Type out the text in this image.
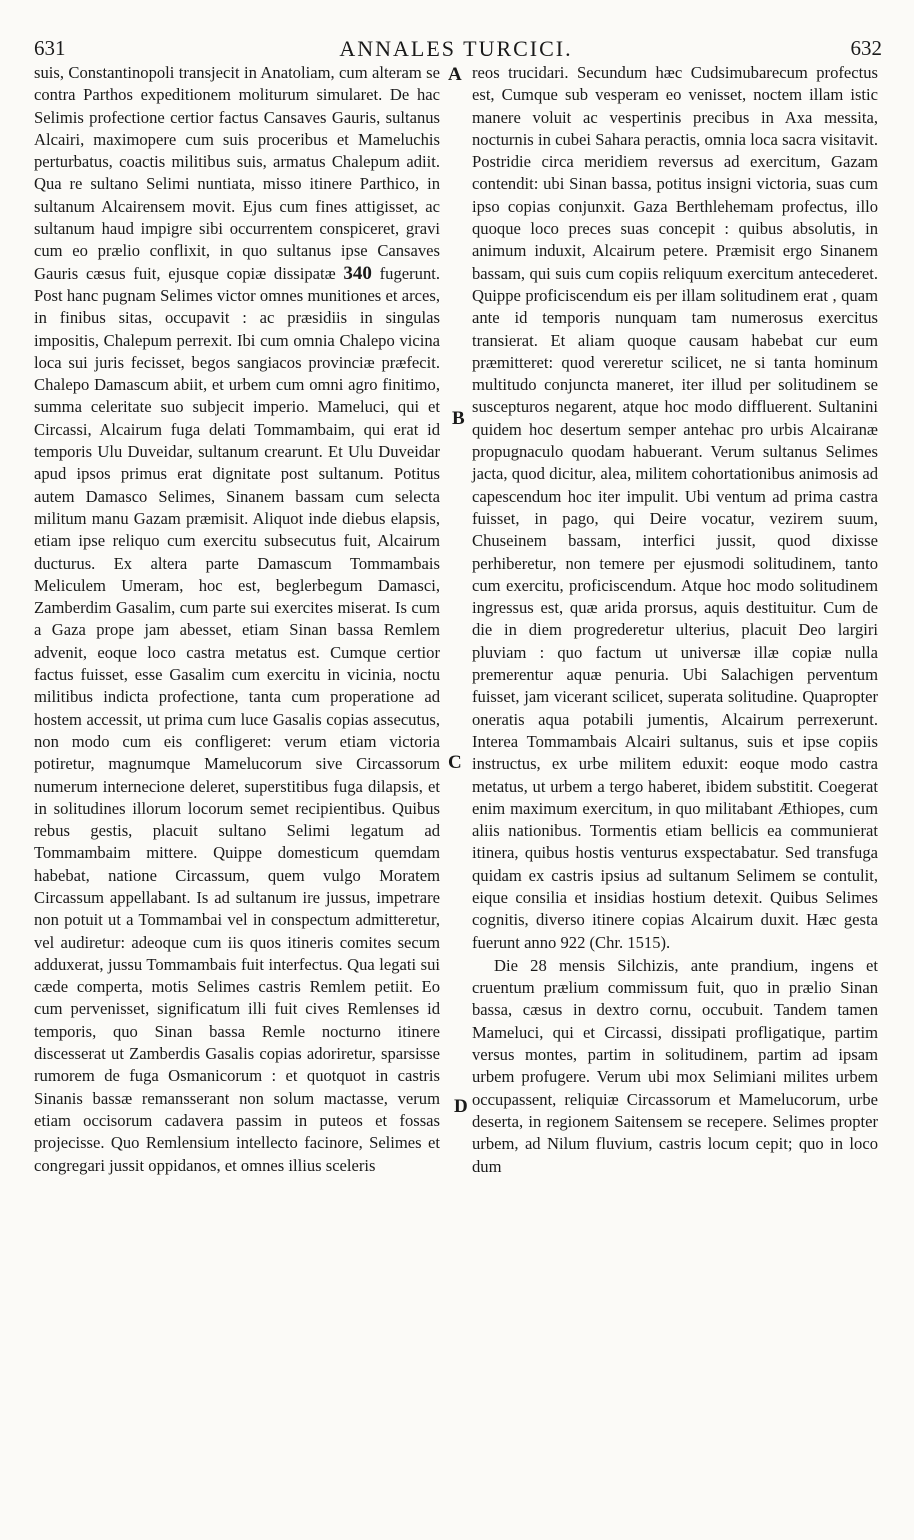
631	ANNALES TURCICI.	632

suis, Constantinopoli transjecit in Anatoliam, cum alteram se contra Parthos expeditionem moliturum simularet. De hac Selimis profectione certior factus Cansaves Gauris, sultanus Alcairi, maximopere cum suis proceribus et Mameluchis perturbatus, coactis militibus suis, armatus Chalepum adiit. Qua re sultano Selimi nuntiata, misso itinere Parthico, in sultanum Alcairensem movit. Ejus cum fines attigisset, ac sultanum haud impigre sibi occurrentem conspiceret, gravi cum eo prælio conflixit, in quo sultanus ipse Cansaves Gauris cæsus fuit, ejusque copiæ dissipatæ 340 fugerunt. Post hanc pugnam Selimes victor omnes munitiones et arces, in finibus sitas, occupavit : ac præsidiis in singulas impositis, Chalepum perrexit. Ibi cum omnia Chalepo vicina loca sui juris fecisset, begos sangiacos provinciæ præfecit. Chalepo Damascum abiit, et urbem cum omni agro finitimo, summa celeritate suo subjecit imperio. Mameluci, qui et Circassi, Alcairum fuga delati Tommambaim, qui erat id temporis Ulu Duveidar, sultanum crearunt. Et Ulu Duveidar apud ipsos primus erat dignitate post sultanum. Potitus autem Damasco Selimes, Sinanem bassam cum selecta militum manu Gazam præmisit. Aliquot inde diebus elapsis, etiam ipse reliquo cum exercitu subsecutus fuit, Alcairum ducturus. Ex altera parte Damascum Tommambais Meliculem Umeram, hoc est, beglerbegum Damasci, Zamberdim Gasalim, cum parte sui exercites miserat. Is cum a Gaza prope jam abesset, etiam Sinan bassa Remlem advenit, eoque loco castra metatus est. Cumque certior factus fuisset, esse Gasalim cum exercitu in vicinia, noctu militibus indicta profectione, tanta cum properatione ad hostem accessit, ut prima cum luce Gasalis copias assecutus, non modo cum eis confligeret: verum etiam victoria potiretur, magnumque Mamelucorum sive Circassorum numerum internecione deleret, superstitibus fuga dilapsis, et in solitudines illorum locorum semet recipientibus. Quibus rebus gestis, placuit sultano Selimi legatum ad Tommambaim mittere. Quippe domesticum quemdam habebat, natione Circassum, quem vulgo Moratem Circassum appellabant. Is ad sultanum ire jussus, impetrare non potuit ut a Tommambai vel in conspectum admitteretur, vel audiretur: adeoque cum iis quos itineris comites secum adduxerat, jussu Tommambais fuit interfectus. Qua legati sui cæde comperta, motis Selimes castris Remlem petiit. Eo cum pervenisset, significatum illi fuit cives Remlenses id temporis, quo Sinan bassa Remle nocturno itinere discesserat ut Zamberdis Gasalis copias adoriretur, sparsisse rumorem de fuga Osmanicorum : et quotquot in castris Sinanis bassæ remansserant non solum mactasse, verum etiam occisorum cadavera passim in puteos et fossas projecisse. Quo Remlensium intellecto facinore, Selimes et congregari jussit oppidanos, et omnes illius sceleris

A
B
C
D

reos trucidari. Secundum hæc Cudsimubarecum profectus est, Cumque sub vesperam eo venisset, noctem illam istic manere voluit ac vespertinis precibus in Axa messita, nocturnis in cubei Sahara peractis, omnia loca sacra visitavit. Postridie circa meridiem reversus ad exercitum, Gazam contendit: ubi Sinan bassa, potitus insigni victoria, suas cum ipso copias conjunxit. Gaza Berthlehemam profectus, illo quoque loco preces suas concepit : quibus absolutis, in animum induxit, Alcairum petere. Præmisit ergo Sinanem bassam, qui suis cum copiis reliquum exercitum antecederet. Quippe proficiscendum eis per illam solitudinem erat , quam ante id temporis nunquam tam numerosus exercitus transierat. Et aliam quoque causam habebat cur eum præmitteret: quod vereretur scilicet, ne si tanta hominum multitudo conjuncta maneret, iter illud per solitudinem se suscepturos negarent, atque hoc modo diffluerent. Sultanini quidem hoc desertum semper antehac pro urbis Alcairanæ propugnaculo quodam habuerant. Verum sultanus Selimes jacta, quod dicitur, alea, militem cohortationibus animosis ad capescendum hoc iter impulit. Ubi ventum ad prima castra fuisset, in pago, qui Deire vocatur, vezirem suum, Chuseinem bassam, interfici jussit, quod dixisse perhiberetur, non temere per ejusmodi solitudinem, tanto cum exercitu, proficiscendum. Atque hoc modo solitudinem ingressus est, quæ arida prorsus, aquis destituitur. Cum de die in diem progrederetur ulterius, placuit Deo largiri pluviam : quo factum ut universæ illæ copiæ nulla premerentur aquæ penuria. Ubi Salachigen perventum fuisset, jam vicerant scilicet, superata solitudine. Quapropter oneratis aqua potabili jumentis, Alcairum perrexerunt. Interea Tommambais Alcairi sultanus, suis et ipse copiis instructus, ex urbe militem eduxit: eoque modo castra metatus, ut urbem a tergo haberet, ibidem substitit. Coegerat enim maximum exercitum, in quo militabant Æthiopes, cum aliis nationibus. Tormentis etiam bellicis ea communierat itinera, quibus hostis venturus exspectabatur. Sed transfuga quidam ex castris ipsius ad sultanum Selimem se contulit, eique consilia et insidias hostium detexit. Quibus Selimes cognitis, diverso itinere copias Alcairum duxit. Hæc gesta fuerunt anno 922 (Chr. 1515).

Die 28 mensis Silchizis, ante prandium, ingens et cruentum prælium commissum fuit, quo in prælio Sinan bassa, cæsus in dextro cornu, occubuit. Tandem tamen Mameluci, qui et Circassi, dissipati profligatique, partim versus montes, partim in solitudinem, partim ad ipsam urbem profugere. Verum ubi mox Selimiani milites urbem occupassent, reliquiæ Circassorum et Mamelucorum, urbe deserta, in regionem Saitensem se recepere. Selimes propter urbem, ad Nilum fluvium, castris locum cepit; quo in loco dum
